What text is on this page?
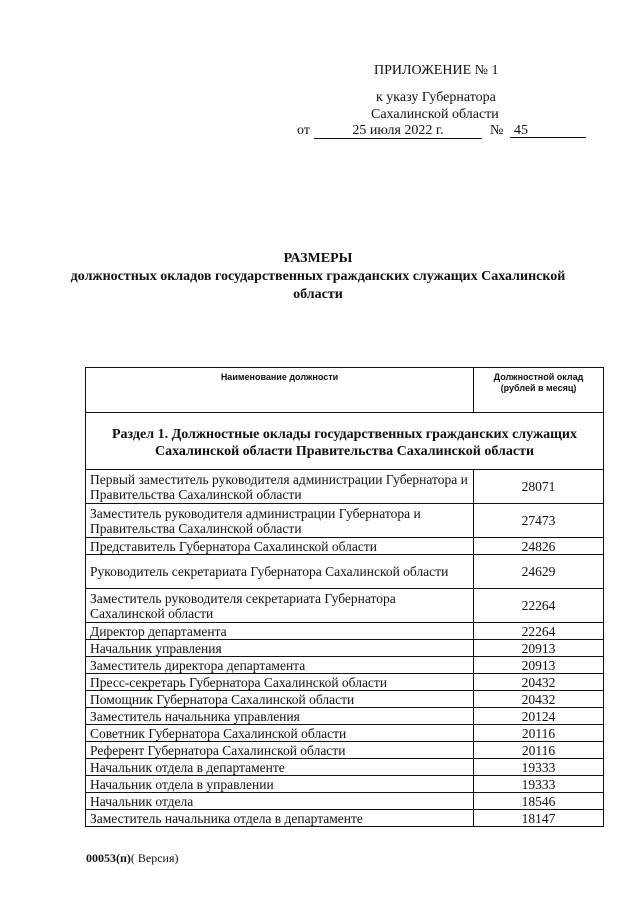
ПРИЛОЖЕНИЕ № 1
к указу Губернатора
Сахалинской области
от	25 июля 2022 г.	№ 45
РАЗМЕРЫ
должностных окладов государственных гражданских служащих Сахалинской области
Наименование должности	Должностной оклад (рублей в месяц)
Раздел 1. Должностные оклады государственных гражданских служащих Сахалинской области Правительства Сахалинской области	
Первый заместитель руководителя администрации Губернатора и Правительства Сахалинской области	28071
Заместитель руководителя администрации Губернатора и Правительства Сахалинской области	27473
Представитель Губернатора Сахалинской области	24826
Руководитель секретариата Губернатора Сахалинской области	24629
Заместитель руководителя секретариата Губернатора Сахалинской области	22264
Директор департамента	22264
Начальник управления	20913
Заместитель директора департамента	20913
Пресс-секретарь Губернатора Сахалинской области	20432
Помощник Губернатора Сахалинской области	20432
Заместитель начальника управления	20124
Советник Губернатора Сахалинской области	20116
Референт Губернатора Сахалинской области	20116
Начальник отдела в департаменте	19333
Начальник отдела в управлении	19333
Начальник отдела	18546
Заместитель начальника отдела в департаменте	18147
00053(п)( Версия)
